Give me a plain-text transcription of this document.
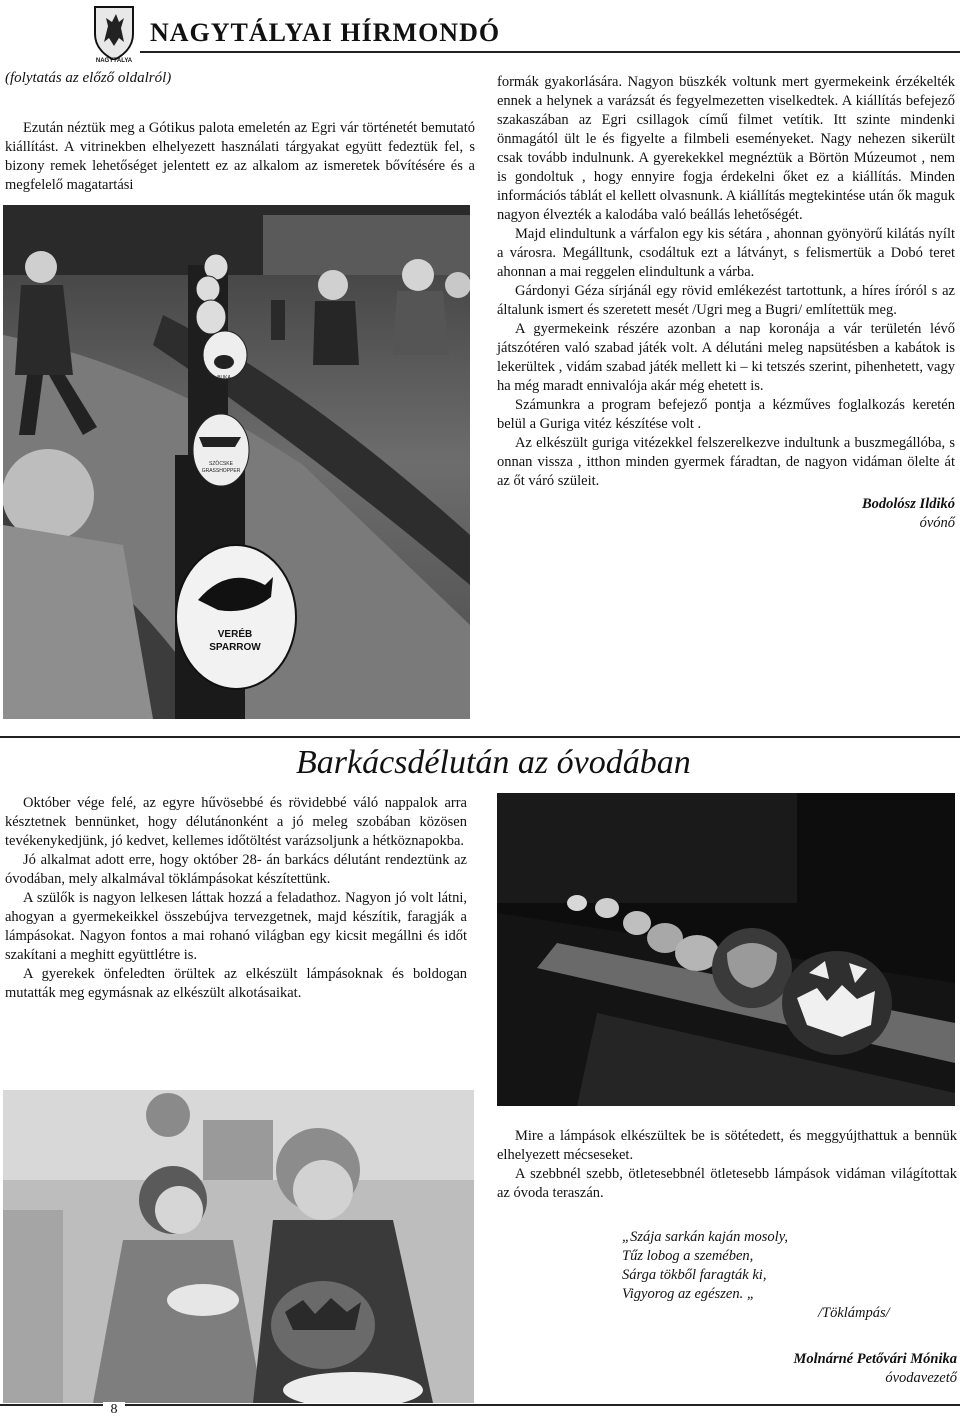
NAGYTÁLYA
NAGYTÁLYAI HÍRMONDÓ
(folytatás az előző oldalról)

Ezután néztük meg a Gótikus palota emeletén az Egri vár történetét bemutató kiállítást. A vitrinekben elhelyezett használati tárgyakat együtt fedeztük fel, s bizony remek lehetőséget jelentett ez az alkalom az ismeretek bővítésére és a megfelelő magatartási

BUKA
TOAD
SZÖCSKE
GRASSHOPPER
VERÉB
SPARROW

formák gyakorlására. Nagyon büszkék voltunk mert gyermekeink érzékelték ennek a helynek a varázsát és fegyelmezetten viselkedtek. A kiállítás befejező szakaszában az Egri csillagok című filmet vetítik. Itt szinte mindenki önmagától ült le és figyelte a filmbeli eseményeket. Nagy nehezen sikerült csak tovább indulnunk. A gyerekekkel megnéztük a Börtön Múzeumot , nem is gondoltuk , hogy ennyire fogja érdekelni őket ez a kiállítás. Minden információs táblát el kellett olvasnunk. A kiállítás megtekintése után ők maguk nagyon élvezték a kalodába való beállás lehetőségét.

Majd elindultunk a várfalon egy kis sétára , ahonnan gyönyörű kilátás nyílt a városra. Megálltunk, csodáltuk ezt a látványt, s felismertük a Dobó teret ahonnan a mai reggelen elindultunk a várba.

Gárdonyi Géza sírjánál egy rövid emlékezést tartottunk, a híres íróról s az általunk ismert és szeretett mesét /Ugri meg a Bugri/ említettük meg.

A gyermekeink részére azonban a nap koronája a vár területén lévő játszótéren való szabad játék volt. A délutáni meleg napsütésben a kabátok is lekerültek , vidám szabad játék mellett ki – ki tetszés szerint, pihenhetett, vagy ha még maradt ennivalója akár még ehetett is.

Számunkra a program befejező pontja a kézműves foglalkozás keretén belül a Guriga vitéz készítése volt .

Az elkészült guriga vitézekkel felszerelkezve indultunk a buszmegállóba, s onnan vissza , itthon minden gyermek fáradtan, de nagyon vidáman ölelte át az őt váró szüleit.

Bodolósz Ildikó

óvónő

Barkácsdélután az óvodában

Október vége felé, az egyre hűvösebbé és rövidebbé váló nappalok arra késztetnek bennünket, hogy délutánonként a jó meleg szobában közösen tevékenykedjünk, jó kedvet, kellemes időtöltést varázsoljunk a hétköznapokba.

Jó alkalmat adott erre, hogy október 28- án barkács délutánt rendeztünk az óvodában, mely alkalmával töklámpásokat készítettünk.

A szülők is nagyon lelkesen láttak hozzá a feladathoz. Nagyon jó volt látni, ahogyan a gyermekeikkel összebújva tervezgetnek, majd készítik, faragják a lámpásokat. Nagyon fontos a mai rohanó világban egy kicsit megállni és időt szakítani a meghitt együttlétre is.

A gyerekek önfeledten örültek az elkészült lámpásoknak és boldogan mutatták meg egymásnak az elkészült alkotásaikat.

Mire a lámpások elkészültek be is sötétedett, és meggyújthattuk a bennük elhelyezett mécseseket.

A szebbnél szebb, ötletesebbnél ötletesebb lámpások vidáman világítottak az óvoda teraszán.

„Szája sarkán kaján mosoly,

Tűz lobog a szemében,

Sárga tökből faragták ki,

Vigyorog az egészen. „

/Töklámpás/

Molnárné Petővári Mónika
óvodavezető
8
